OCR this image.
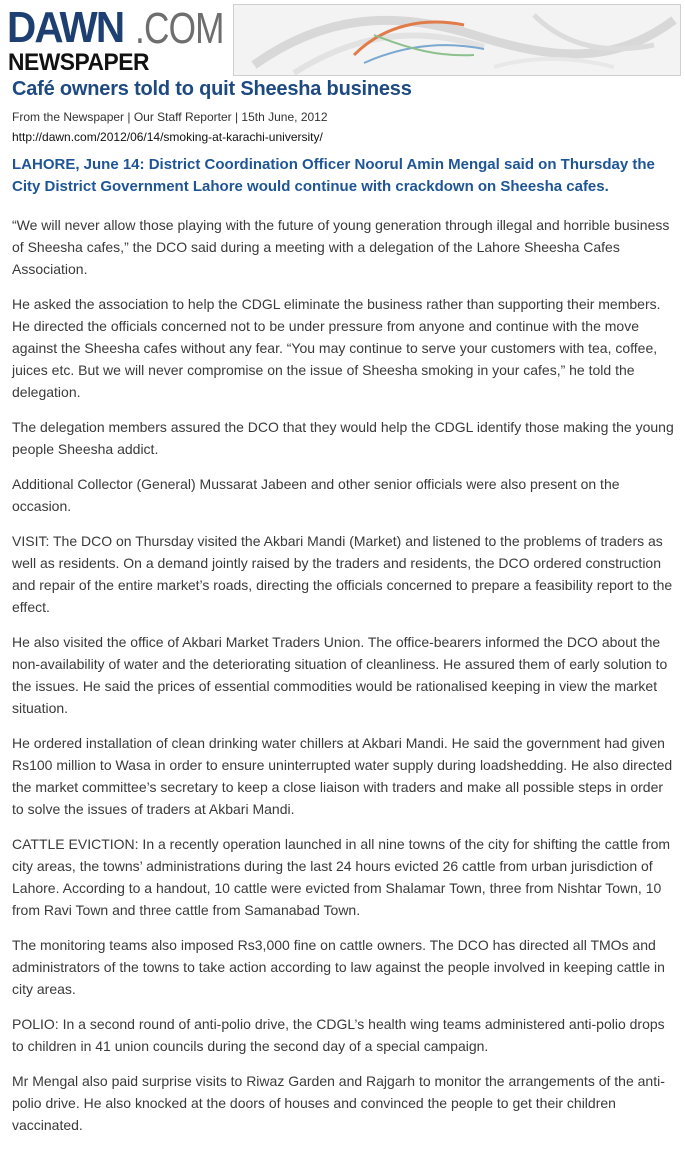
DAWN .COM
NEWSPAPER
Café owners told to quit Sheesha business
From the Newspaper | Our Staff Reporter | 15th June, 2012
http://dawn.com/2012/06/14/smoking-at-karachi-university/

LAHORE, June 14: District Coordination Officer Noorul Amin Mengal said on Thursday the City District Government Lahore would continue with crackdown on Sheesha cafes.

“We will never allow those playing with the future of young generation through illegal and horrible business of Sheesha cafes,” the DCO said during a meeting with a delegation of the Lahore Sheesha Cafes Association.

He asked the association to help the CDGL eliminate the business rather than supporting their members. He directed the officials concerned not to be under pressure from anyone and continue with the move against the Sheesha cafes without any fear. “You may continue to serve your customers with tea, coffee, juices etc. But we will never compromise on the issue of Sheesha smoking in your cafes,” he told the delegation.

The delegation members assured the DCO that they would help the CDGL identify those making the young people Sheesha addict.

Additional Collector (General) Mussarat Jabeen and other senior officials were also present on the occasion.

VISIT: The DCO on Thursday visited the Akbari Mandi (Market) and listened to the problems of traders as well as residents. On a demand jointly raised by the traders and residents, the DCO ordered construction and repair of the entire market’s roads, directing the officials concerned to prepare a feasibility report to the effect.

He also visited the office of Akbari Market Traders Union. The office-bearers informed the DCO about the non-availability of water and the deteriorating situation of cleanliness. He assured them of early solution to the issues. He said the prices of essential commodities would be rationalised keeping in view the market situation.

He ordered installation of clean drinking water chillers at Akbari Mandi. He said the government had given Rs100 million to Wasa in order to ensure uninterrupted water supply during loadshedding. He also directed the market committee’s secretary to keep a close liaison with traders and make all possible steps in order to solve the issues of traders at Akbari Mandi.

CATTLE EVICTION: In a recently operation launched in all nine towns of the city for shifting the cattle from city areas, the towns’ administrations during the last 24 hours evicted 26 cattle from urban jurisdiction of Lahore. According to a handout, 10 cattle were evicted from Shalamar Town, three from Nishtar Town, 10 from Ravi Town and three cattle from Samanabad Town.

The monitoring teams also imposed Rs3,000 fine on cattle owners. The DCO has directed all TMOs and administrators of the towns to take action according to law against the people involved in keeping cattle in city areas.

POLIO: In a second round of anti-polio drive, the CDGL’s health wing teams administered anti-polio drops to children in 41 union councils during the second day of a special campaign.

Mr Mengal also paid surprise visits to Riwaz Garden and Rajgarh to monitor the arrangements of the anti-polio drive. He also knocked at the doors of houses and convinced the people to get their children vaccinated.
